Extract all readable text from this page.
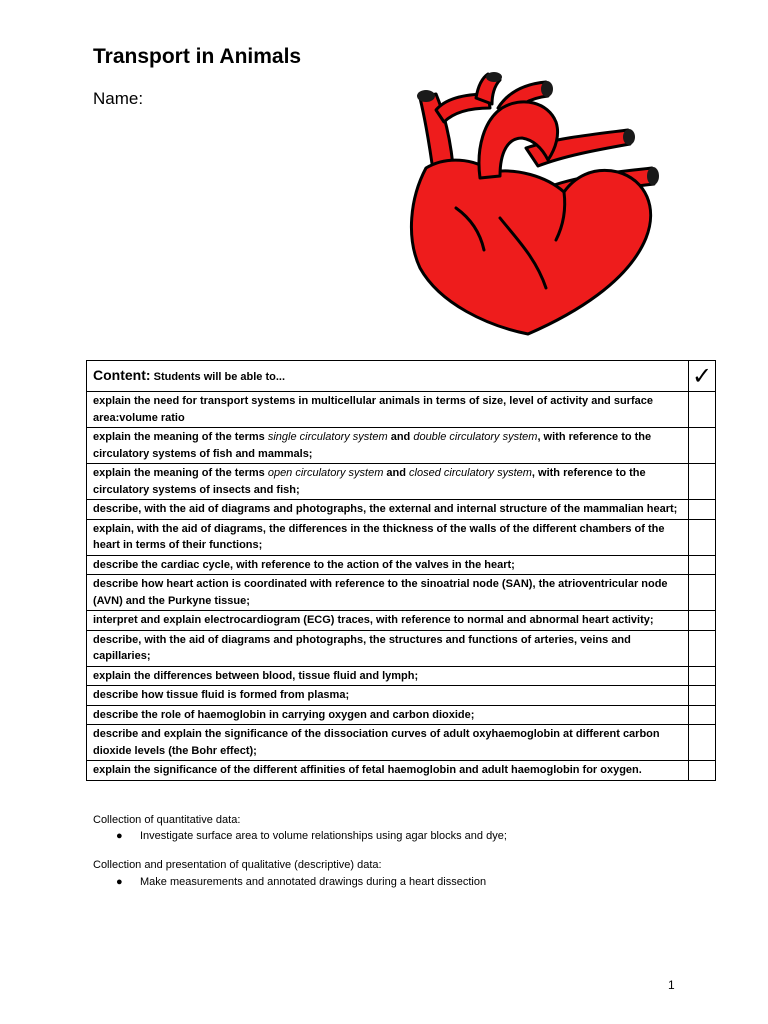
Transport in Animals
Name:
Content: Students will be able to...	✓
explain the need for transport systems in multicellular animals in terms of size, level of activity and surface area:volume ratio	
explain the meaning of the terms single circulatory system and double circulatory system, with reference to the circulatory systems of fish and mammals;	
explain the meaning of the terms open circulatory system and closed circulatory system, with reference to the circulatory systems of insects and fish;	
describe, with the aid of diagrams and photographs, the external and internal structure of the mammalian heart;	
explain, with the aid of diagrams, the differences in the thickness of the walls of the different chambers of the heart in terms of their functions;	
describe the cardiac cycle, with reference to the action of the valves in the heart;	
describe how heart action is coordinated with reference to the sinoatrial node (SAN), the atrioventricular node (AVN) and the Purkyne tissue;	
interpret and explain electrocardiogram (ECG) traces, with reference to normal and abnormal heart activity;	
describe, with the aid of diagrams and photographs, the structures and functions of arteries, veins and capillaries;	
explain the differences between blood, tissue fluid and lymph;	
describe how tissue fluid is formed from plasma;	
describe the role of haemoglobin in carrying oxygen and carbon dioxide;	
describe and explain the significance of the dissociation curves of adult oxyhaemoglobin at different carbon dioxide levels (the Bohr effect);	
explain the significance of the different affinities of fetal haemoglobin and adult haemoglobin for oxygen.	
Collection of quantitative data:
● Investigate surface area to volume relationships using agar blocks and dye;
Collection and presentation of qualitative (descriptive) data:
● Make measurements and annotated drawings during a heart dissection
1
